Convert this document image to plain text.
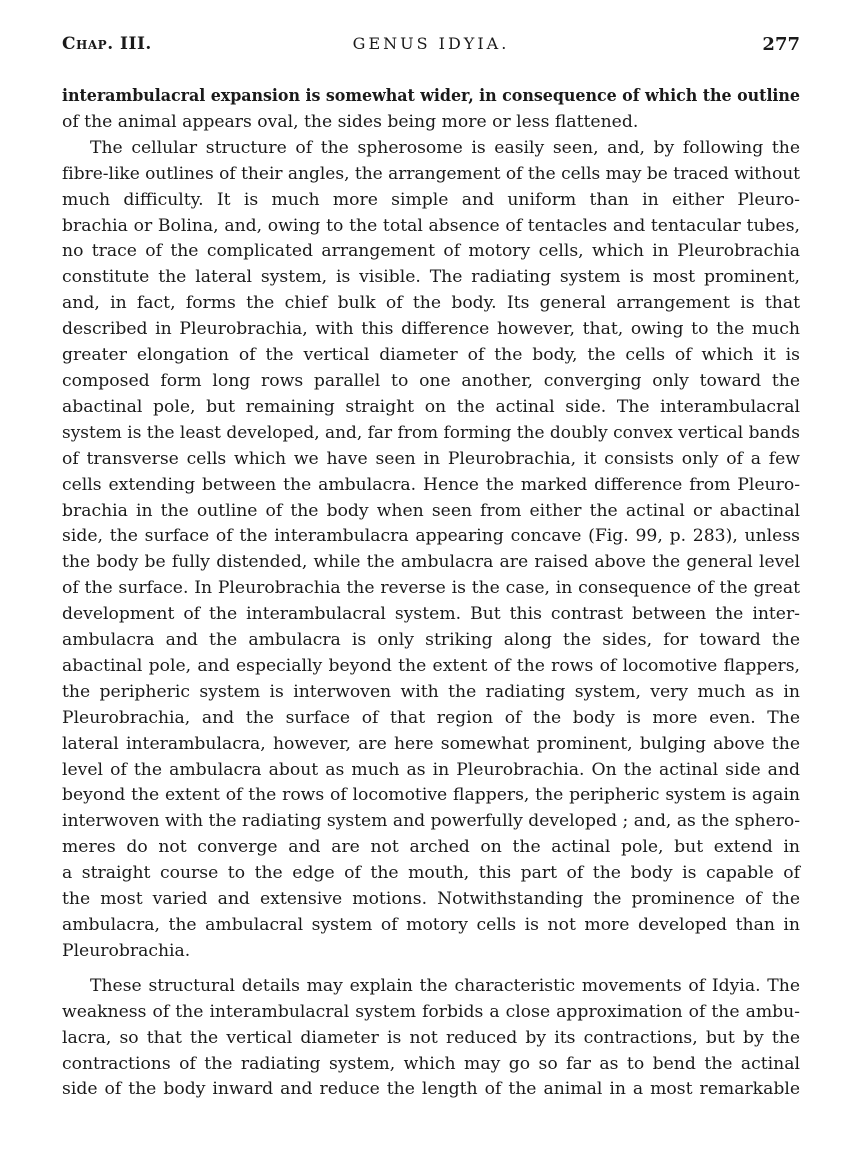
Chap. III.	GENUS IDYIA.	277

interambulacral expansion is somewhat wider, in consequence of which the outline
of the animal appears oval, the sides being more or less flattened.

The cellular structure of the spherosome is easily seen, and, by following the
fibre-like outlines of their angles, the arrangement of the cells may be traced without
much difficulty. It is much more simple and uniform than in either Pleuro-
brachia or Bolina, and, owing to the total absence of tentacles and tentacular tubes,
no trace of the complicated arrangement of motory cells, which in Pleurobrachia
constitute the lateral system, is visible. The radiating system is most prominent,
and, in fact, forms the chief bulk of the body. Its general arrangement is that
described in Pleurobrachia, with this difference however, that, owing to the much
greater elongation of the vertical diameter of the body, the cells of which it is
composed form long rows parallel to one another, converging only toward the
abactinal pole, but remaining straight on the actinal side. The interambulacral
system is the least developed, and, far from forming the doubly convex vertical bands
of transverse cells which we have seen in Pleurobrachia, it consists only of a few
cells extending between the ambulacra. Hence the marked difference from Pleuro-
brachia in the outline of the body when seen from either the actinal or abactinal
side, the surface of the interambulacra appearing concave (Fig. 99, p. 283), unless
the body be fully distended, while the ambulacra are raised above the general level
of the surface. In Pleurobrachia the reverse is the case, in consequence of the great
development of the interambulacral system. But this contrast between the inter-
ambulacra and the ambulacra is only striking along the sides, for toward the
abactinal pole, and especially beyond the extent of the rows of locomotive flappers,
the peripheric system is interwoven with the radiating system, very much as in
Pleurobrachia, and the surface of that region of the body is more even. The
lateral interambulacra, however, are here somewhat prominent, bulging above the
level of the ambulacra about as much as in Pleurobrachia. On the actinal side and
beyond the extent of the rows of locomotive flappers, the peripheric system is again
interwoven with the radiating system and powerfully developed ; and, as the sphero-
meres do not converge and are not arched on the actinal pole, but extend in
a straight course to the edge of the mouth, this part of the body is capable of
the most varied and extensive motions. Notwithstanding the prominence of the
ambulacra, the ambulacral system of motory cells is not more developed than in
Pleurobrachia.

These structural details may explain the characteristic movements of Idyia. The
weakness of the interambulacral system forbids a close approximation of the ambu-
lacra, so that the vertical diameter is not reduced by its contractions, but by the
contractions of the radiating system, which may go so far as to bend the actinal
side of the body inward and reduce the length of the animal in a most remarkable
